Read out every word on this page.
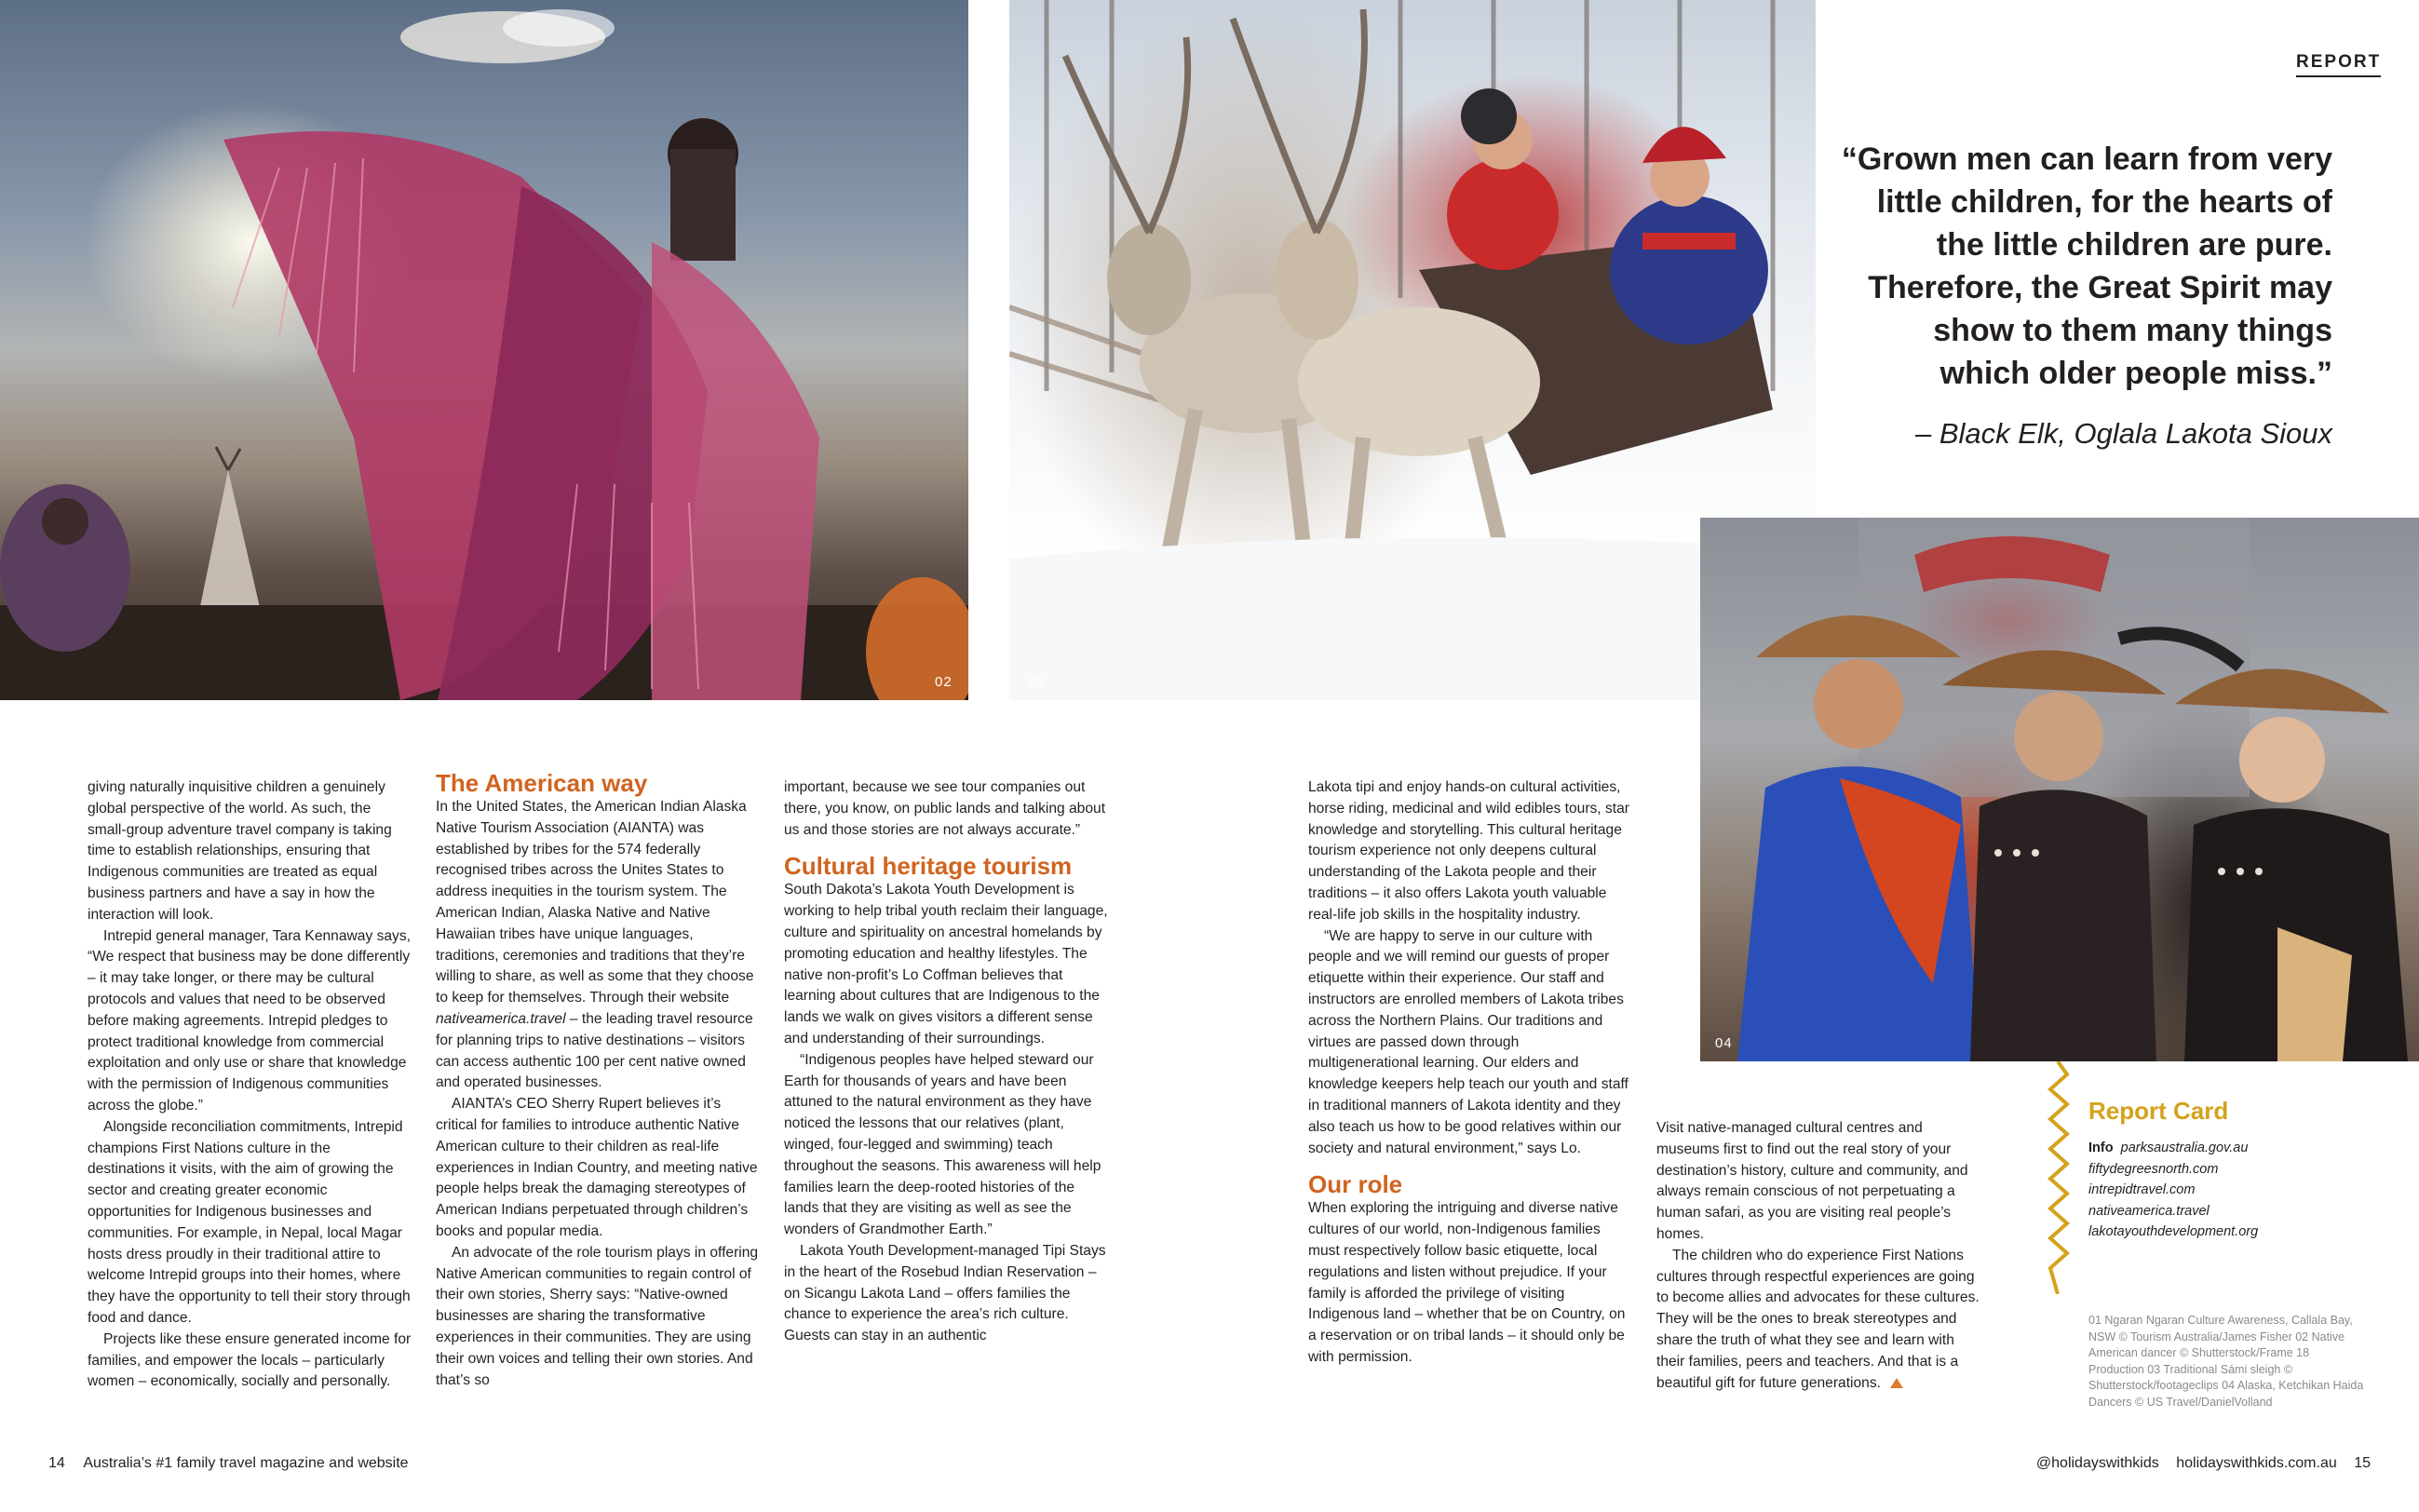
02	03
04
REPORT
“Grown men can learn from very little children, for the hearts of the little children are pure. Therefore, the Great Spirit may show to them many things which older people miss.”
– Black Elk, Oglala Lakota Sioux

giving naturally inquisitive children a genuinely global perspective of the world. As such, the small-group adventure travel company is taking time to establish relationships, ensuring that Indigenous communities are treated as equal business partners and have a say in how the interaction will look.

Intrepid general manager, Tara Kennaway says, “We respect that business may be done differently – it may take longer, or there may be cultural protocols and values that need to be observed before making agreements. Intrepid pledges to protect traditional knowledge from commercial exploitation and only use or share that knowledge with the permission of Indigenous communities across the globe.”

Alongside reconciliation commitments, Intrepid champions First Nations culture in the destinations it visits, with the aim of growing the sector and creating greater economic opportunities for Indigenous businesses and communities. For example, in Nepal, local Magar hosts dress proudly in their traditional attire to welcome Intrepid groups into their homes, where they have the opportunity to tell their story through food and dance.

Projects like these ensure generated income for families, and empower the locals – particularly women – economically, socially and personally.

The American way

In the United States, the American Indian Alaska Native Tourism Association (AIANTA) was established by tribes for the 574 federally recognised tribes across the Unites States to address inequities in the tourism system. The American Indian, Alaska Native and Native Hawaiian tribes have unique languages, traditions, ceremonies and traditions that they’re willing to share, as well as some that they choose to keep for themselves. Through their website nativeamerica.travel – the leading travel resource for planning trips to native destinations – visitors can access authentic 100 per cent native owned and operated businesses.

AIANTA’s CEO Sherry Rupert believes it’s critical for families to introduce authentic Native American culture to their children as real-life experiences in Indian Country, and meeting native people helps break the damaging stereotypes of American Indians perpetuated through children’s books and popular media.

An advocate of the role tourism plays in offering Native American communities to regain control of their own stories, Sherry says: “Native-owned businesses are sharing the transformative experiences in their communities. They are using their own voices and telling their own stories. And that’s so

important, because we see tour companies out there, you know, on public lands and talking about us and those stories are not always accurate.”

Cultural heritage tourism

South Dakota’s Lakota Youth Development is working to help tribal youth reclaim their language, culture and spirituality on ancestral homelands by promoting education and healthy lifestyles. The native non-profit’s Lo Coffman believes that learning about cultures that are Indigenous to the lands we walk on gives visitors a different sense and understanding of their surroundings.

“Indigenous peoples have helped steward our Earth for thousands of years and have been attuned to the natural environment as they have noticed the lessons that our relatives (plant, winged, four-legged and swimming) teach throughout the seasons. This awareness will help families learn the deep-rooted histories of the lands that they are visiting as well as see the wonders of Grandmother Earth.”

Lakota Youth Development-managed Tipi Stays in the heart of the Rosebud Indian Reservation – on Sicangu Lakota Land – offers families the chance to experience the area’s rich culture. Guests can stay in an authentic

Lakota tipi and enjoy hands-on cultural activities, horse riding, medicinal and wild edibles tours, star knowledge and storytelling. This cultural heritage tourism experience not only deepens cultural understanding of the Lakota people and their traditions – it also offers Lakota youth valuable real-life job skills in the hospitality industry.

“We are happy to serve in our culture with people and we will remind our guests of proper etiquette within their experience. Our staff and instructors are enrolled members of Lakota tribes across the Northern Plains. Our traditions and virtues are passed down through multigenerational learning. Our elders and knowledge keepers help teach our youth and staff in traditional manners of Lakota identity and they also teach us how to be good relatives within our society and natural environment,” says Lo.

Our role

When exploring the intriguing and diverse native cultures of our world, non-Indigenous families must respectively follow basic etiquette, local regulations and listen without prejudice. If your family is afforded the privilege of visiting Indigenous land – whether that be on Country, on a reservation or on tribal lands – it should only be with permission.

Visit native-managed cultural centres and museums first to find out the real story of your destination’s history, culture and community, and always remain conscious of not perpetuating a human safari, as you are visiting real people’s homes.

The children who do experience First Nations cultures through respectful experiences are going to become allies and advocates for these cultures. They will be the ones to break stereotypes and share the truth of what they see and learn with their families, peers and teachers. And that is a beautiful gift for future generations.

Report Card
Info parksaustralia.gov.au
fiftydegreesnorth.com
intrepidtravel.com
nativeamerica.travel
lakotayouthdevelopment.org
01 Ngaran Ngaran Culture Awareness, Callala Bay, NSW © Tourism Australia/James Fisher 02 Native American dancer © Shutterstock/Frame 18 Production 03 Traditional Sámi sleigh © Shutterstock/footageclips 04 Alaska, Ketchikan Haida Dancers © US Travel/DanielVolland
14 Australia’s #1 family travel magazine and website	@holidayswithkids holidayswithkids.com.au 15
